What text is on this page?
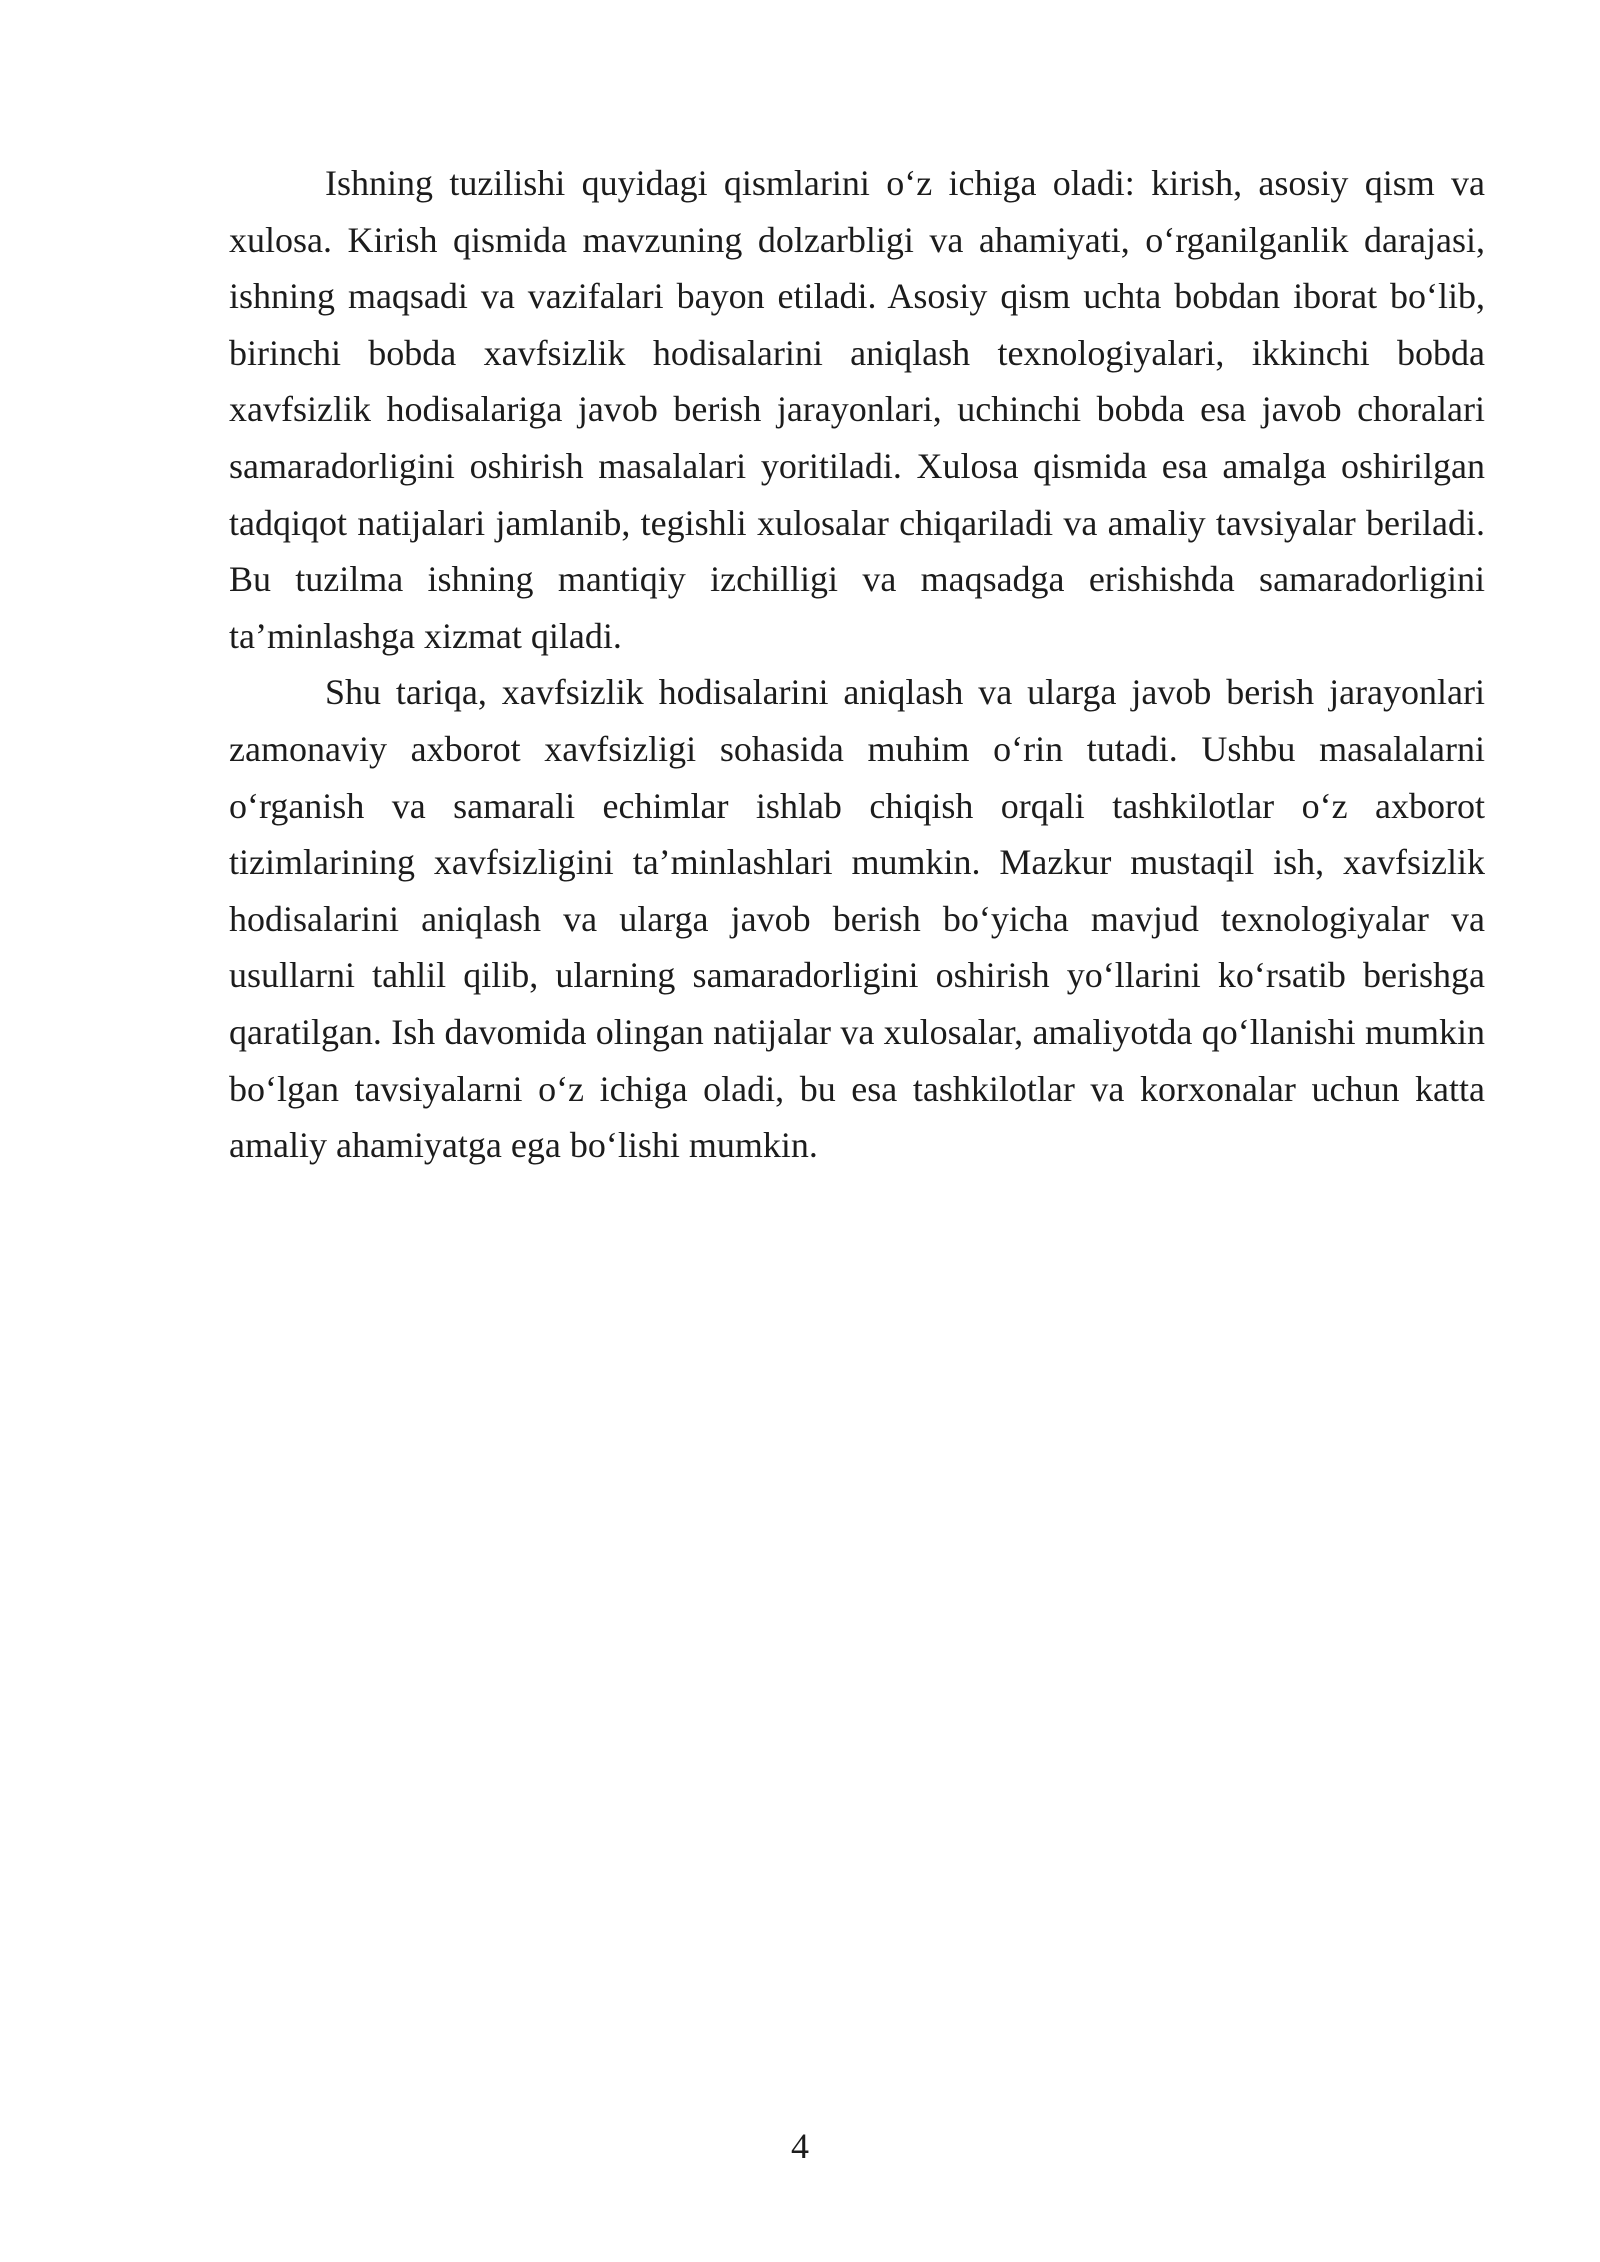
Ishning tuzilishi quyidagi qismlarini o‘z ichiga oladi: kirish, asosiy qism va xulosa. Kirish qismida mavzuning dolzarbligi va ahamiyati, o‘rganilganlik darajasi, ishning maqsadi va vazifalari bayon etiladi. Asosiy qism uchta bobdan iborat bo‘lib, birinchi bobda xavfsizlik hodisalarini aniqlash texnologiyalari, ikkinchi bobda xavfsizlik hodisalariga javob berish jarayonlari, uchinchi bobda esa javob choralari samaradorligini oshirish masalalari yoritiladi. Xulosa qismida esa amalga oshirilgan tadqiqot natijalari jamlanib, tegishli xulosalar chiqariladi va amaliy tavsiyalar beriladi. Bu tuzilma ishning mantiqiy izchilligi va maqsadga erishishda samaradorligini ta’minlashga xizmat qiladi.

Shu tariqa, xavfsizlik hodisalarini aniqlash va ularga javob berish jarayonlari zamonaviy axborot xavfsizligi sohasida muhim o‘rin tutadi. Ushbu masalalarni o‘rganish va samarali echimlar ishlab chiqish orqali tashkilotlar o‘z axborot tizimlarining xavfsizligini ta’minlashlari mumkin. Mazkur mustaqil ish, xavfsizlik hodisalarini aniqlash va ularga javob berish bo‘yicha mavjud texnologiyalar va usullarni tahlil qilib, ularning samaradorligini oshirish yo‘llarini ko‘rsatib berishga qaratilgan. Ish davomida olingan natijalar va xulosalar, amaliyotda qo‘llanishi mumkin bo‘lgan tavsiyalarni o‘z ichiga oladi, bu esa tashkilotlar va korxonalar uchun katta amaliy ahamiyatga ega bo‘lishi mumkin.

4
